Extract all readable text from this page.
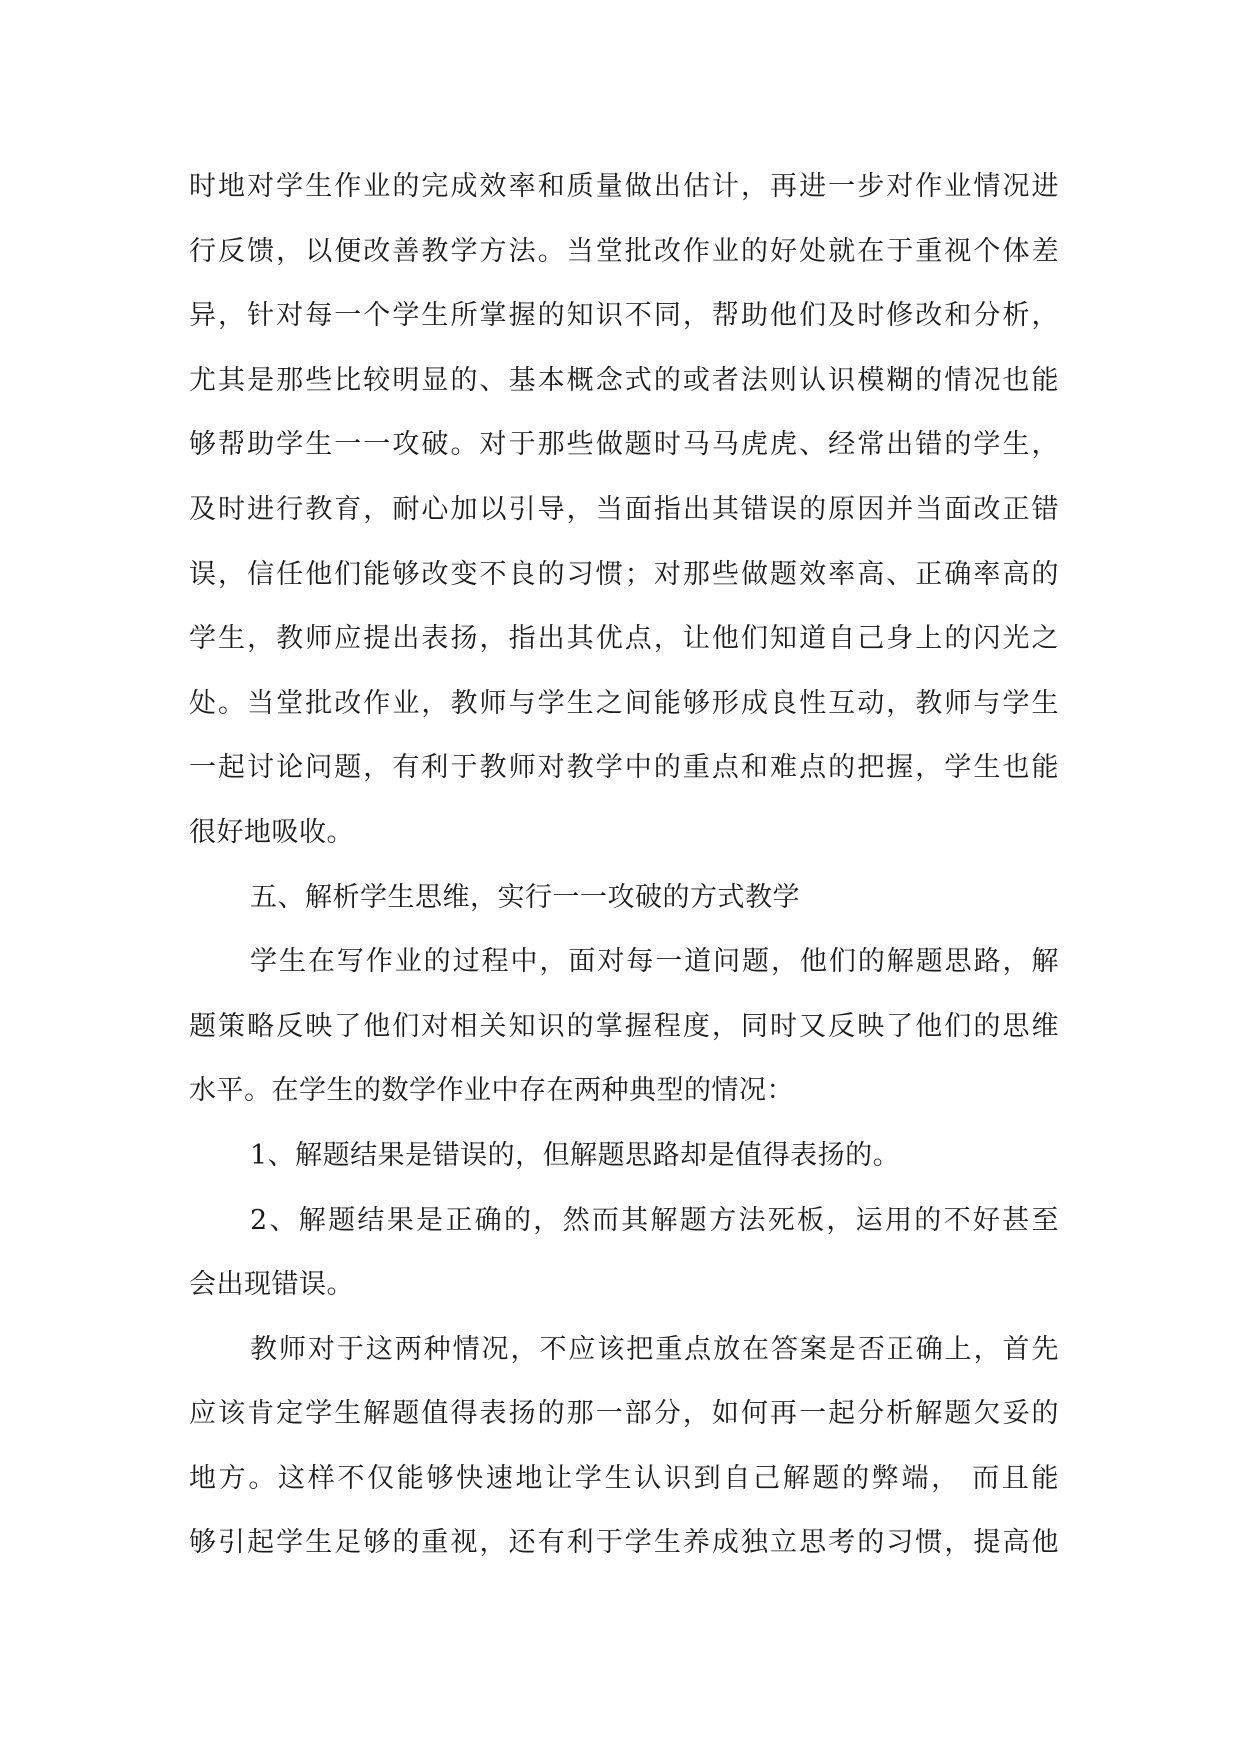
时地对学生作业的完成效率和质量做出估计，再进一步对作业情况进
行反馈，以便改善教学方法。当堂批改作业的好处就在于重视个体差
异，针对每一个学生所掌握的知识不同，帮助他们及时修改和分析，
尤其是那些比较明显的、基本概念式的或者法则认识模糊的情况也能
够帮助学生一一攻破。对于那些做题时马马虎虎、经常出错的学生，
及时进行教育，耐心加以引导，当面指出其错误的原因并当面改正错
误，信任他们能够改变不良的习惯；对那些做题效率高、正确率高的
学生，教师应提出表扬，指出其优点，让他们知道自己身上的闪光之
处。当堂批改作业，教师与学生之间能够形成良性互动，教师与学生
一起讨论问题，有利于教师对教学中的重点和难点的把握，学生也能
很好地吸收。
五、解析学生思维，实行一一攻破的方式教学
学生在写作业的过程中，面对每一道问题，他们的解题思路，解
题策略反映了他们对相关知识的掌握程度，同时又反映了他们的思维
水平。在学生的数学作业中存在两种典型的情况：
1、解题结果是错误的，但解题思路却是值得表扬的。
2、解题结果是正确的，然而其解题方法死板，运用的不好甚至
会出现错误。
教师对于这两种情况，不应该把重点放在答案是否正确上，首先
应该肯定学生解题值得表扬的那一部分，如何再一起分析解题欠妥的
地方。这样不仅能够快速地让学生认识到自己解题的弊端， 而且能
够引起学生足够的重视，还有利于学生养成独立思考的习惯，提高他
